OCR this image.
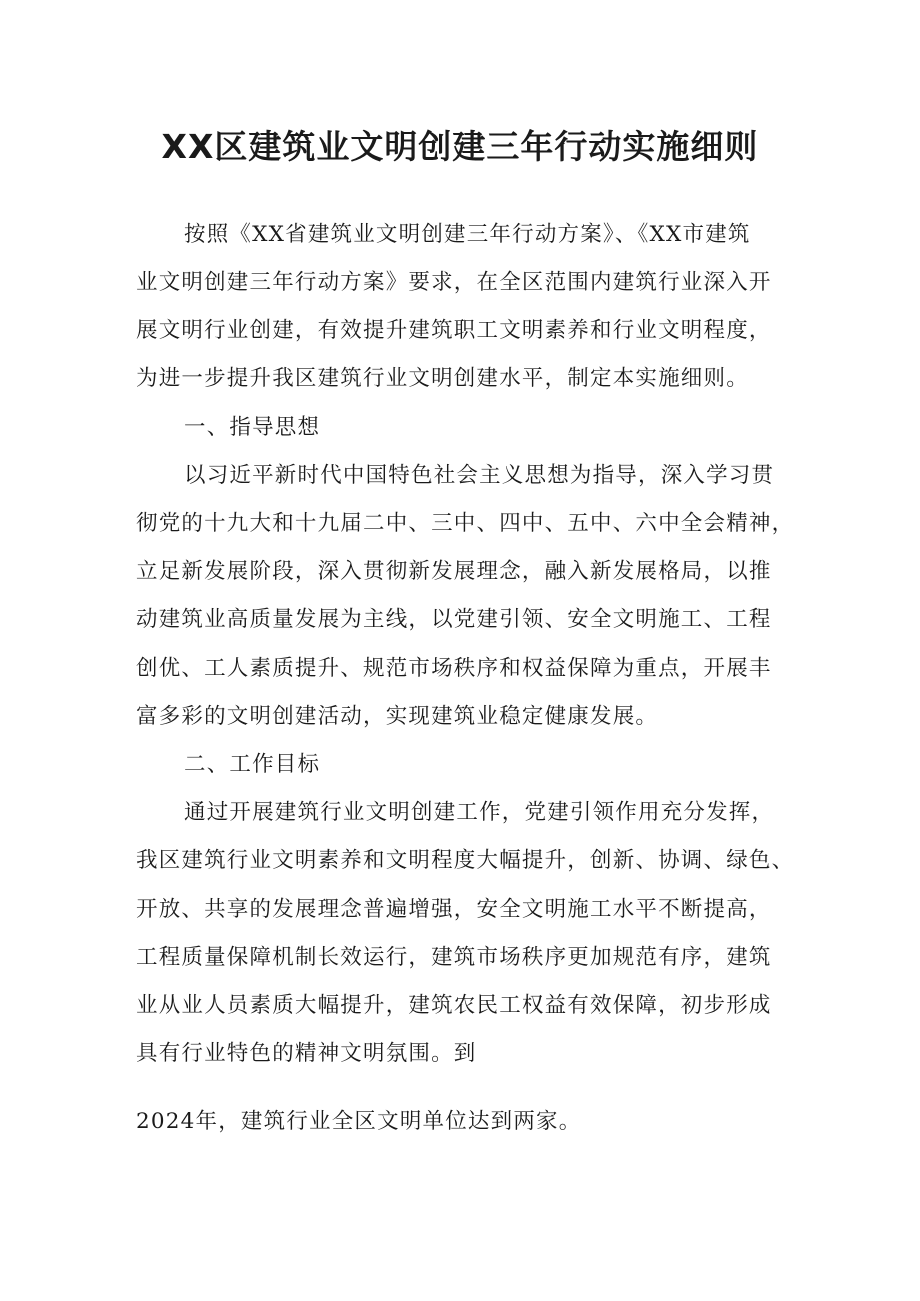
XX区建筑业文明创建三年行动实施细则

按照《XX省建筑业文明创建三年行动方案》、《XX市建筑

业文明创建三年行动方案》要求，在全区范围内建筑行业深入开

展文明行业创建，有效提升建筑职工文明素养和行业文明程度，

为进一步提升我区建筑行业文明创建水平，制定本实施细则。

一、指导思想

以习近平新时代中国特色社会主义思想为指导，深入学习贯

彻党的十九大和十九届二中、三中、四中、五中、六中全会精神，

立足新发展阶段，深入贯彻新发展理念，融入新发展格局，以推

动建筑业高质量发展为主线，以党建引领、安全文明施工、工程

创优、工人素质提升、规范市场秩序和权益保障为重点，开展丰

富多彩的文明创建活动，实现建筑业稳定健康发展。

二、工作目标

通过开展建筑行业文明创建工作，党建引领作用充分发挥，

我区建筑行业文明素养和文明程度大幅提升，创新、协调、绿色、

开放、共享的发展理念普遍增强，安全文明施工水平不断提高，

工程质量保障机制长效运行，建筑市场秩序更加规范有序，建筑

业从业人员素质大幅提升，建筑农民工权益有效保障，初步形成

具有行业特色的精神文明氛围。到

2024年，建筑行业全区文明单位达到两家。
